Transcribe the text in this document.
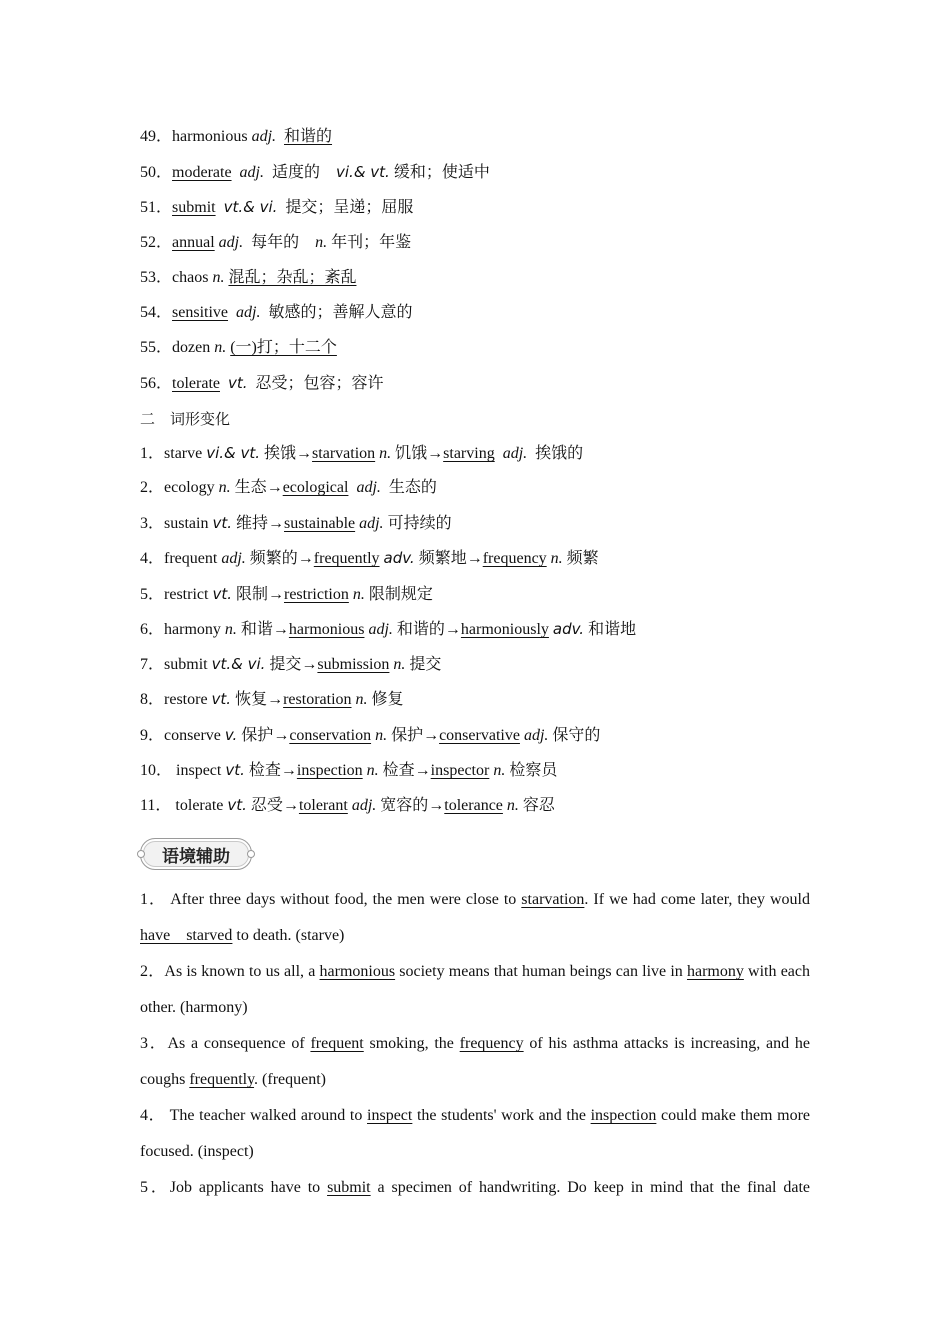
49．harmonious adj. 和谐的
50．moderate adj. 适度的 vi.& vt. 缓和；使适中
51．submit vt.& vi. 提交；呈递；屈服
52．annual adj. 每年的 n. 年刊；年鉴
53．chaos n. 混乱；杂乱；紊乱
54．sensitive adj. 敏感的；善解人意的
55．dozen n. (一)打；十二个
56．tolerate vt. 忍受；包容；容许
二　词形变化
1．starve vi.& vt. 挨饿→starvation n. 饥饿→starving adj. 挨饿的
2．ecology n. 生态→ecological adj. 生态的
3．sustain vt. 维持→sustainable adj. 可持续的
4．frequent adj. 频繁的→frequently adv. 频繁地→frequency n. 频繁
5．restrict vt. 限制→restriction n. 限制规定
6．harmony n. 和谐→harmonious adj. 和谐的→harmoniously adv. 和谐地
7．submit vt.& vi. 提交→submission n. 提交
8．restore vt. 恢复→restoration n. 修复
9．conserve v. 保护→conservation n. 保护→conservative adj. 保守的
10． inspect vt. 检查→inspection n. 检查→inspector n. 检察员
11． tolerate vt. 忍受→tolerant adj. 宽容的→tolerance n. 容忍
语境辅助
1． After three days without food, the men were close to starvation. If we had come later, they would have　starved to death. (starve)
2．As is known to us all, a harmonious society means that human beings can live in harmony with each other. (harmony)
3．As a consequence of frequent smoking, the frequency of his asthma attacks is increasing, and he coughs frequently. (frequent)
4． The teacher walked around to inspect the students' work and the inspection could make them more focused. (inspect)
5．Job applicants have to submit a specimen of handwriting. Do keep in mind that the final date
